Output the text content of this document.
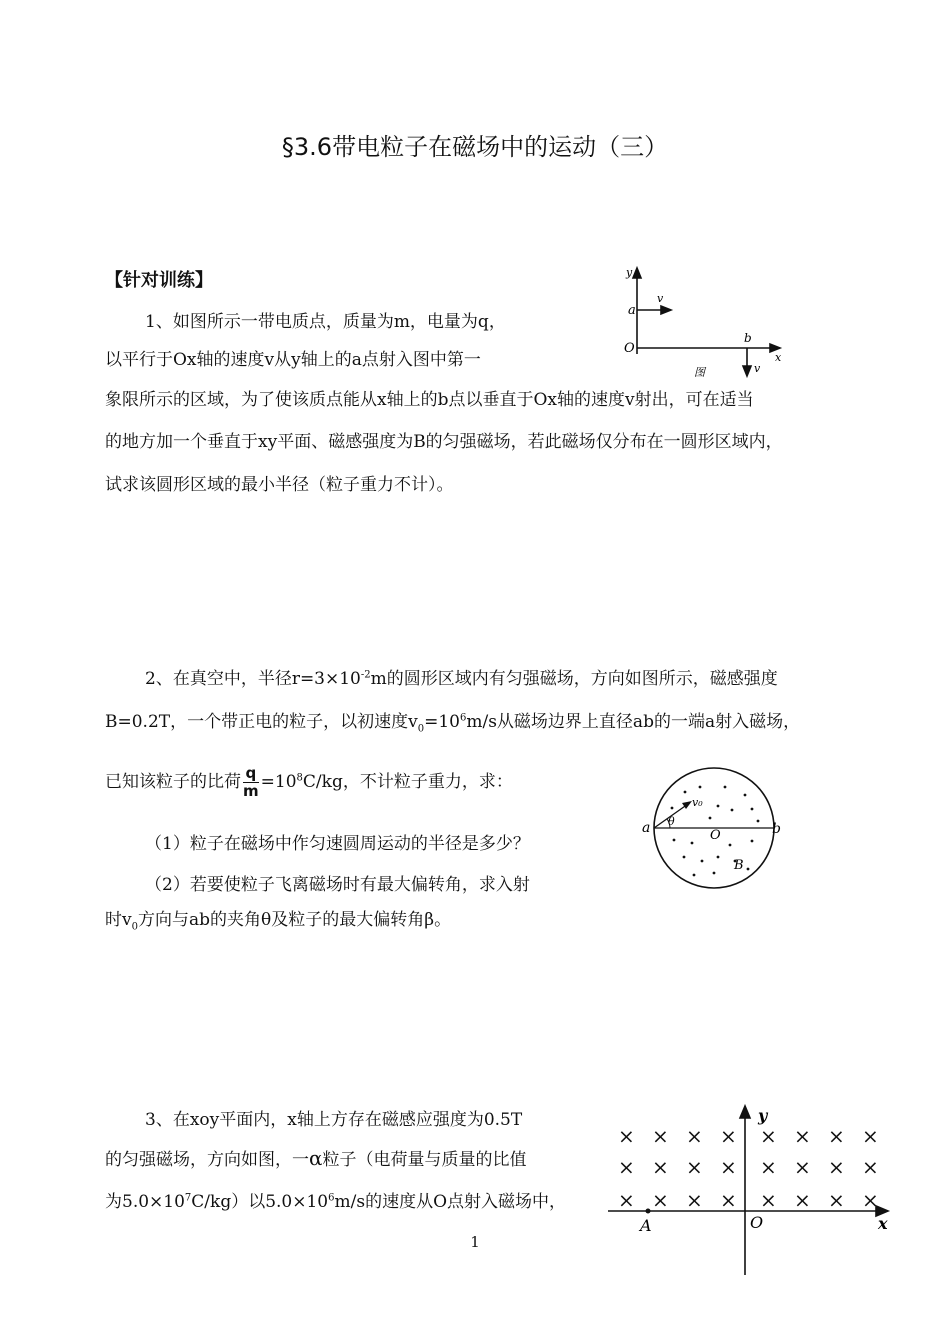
§3.6带电粒子在磁场中的运动（三）
【针对训练】
1、如图所示一带电质点，质量为m，电量为q，
以平行于Ox轴的速度v从y轴上的a点射入图中第一
象限所示的区域，为了使该质点能从x轴上的b点以垂直于Ox轴的速度v射出，可在适当
的地方加一个垂直于xy平面、磁感强度为B的匀强磁场，若此磁场仅分布在一圆形区域内，
试求该圆形区域的最小半径（粒子重力不计）。
y
a
v
O
b
x
v
图
2、在真空中，半径$r=3\times 10^{-2}m$的圆形区域内有匀强磁场，方向如图所示，磁感强度
B=0.2T，一个带正电的粒子，以初速度$v_0=10^6m/s$从磁场边界上直径ab的一端a射入磁场，
已知该粒子的比荷 $\frac{q}{m} =10^8C/kg$，不计粒子重力，求：
（1）粒子在磁场中作匀速圆周运动的半径是多少？
（2）若要使粒子飞离磁场时有最大偏转角，求入射
时$v_0$方向与ab的夹角θ及粒子的最大偏转角β。
a	b
O
v₀
θ
B
3、在xoy平面内，x轴上方存在磁感应强度为0.5T
的匀强磁场，方向如图，一α粒子（电荷量与质量的比值
为$5.0\times 10^7C/kg$）以$5.0\times 10^6m/s$的速度从O点射入磁场中，
× × × × × × × ×
× × × × × × × ×
× × × × × × × ×
y
x
O
A
1
